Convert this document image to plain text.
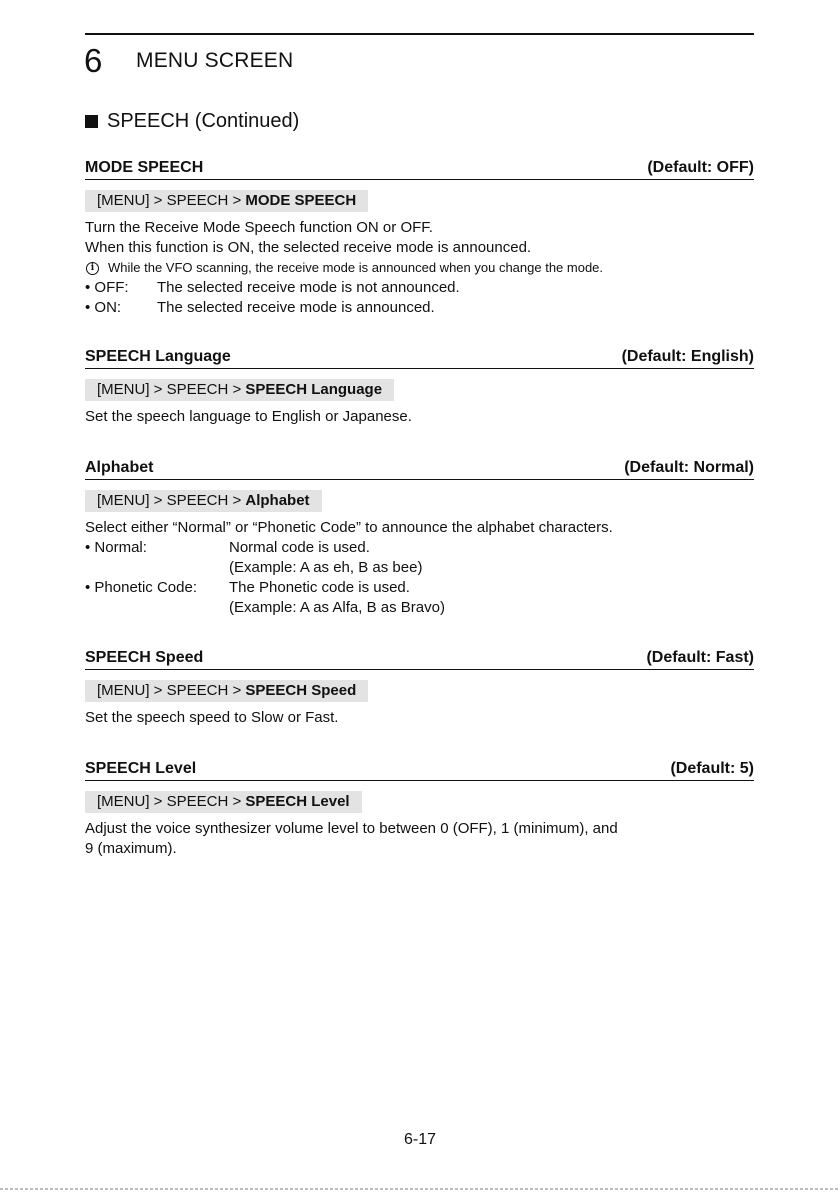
6 MENU SCREEN
SPEECH (Continued)
MODE SPEECH	(Default: OFF)
[MENU] > SPEECH > MODE SPEECH
Turn the Receive Mode Speech function ON or OFF.
When this function is ON, the selected receive mode is announced.
i	While the VFO scanning, the receive mode is announced when you change the mode.
• OFF: The selected receive mode is not announced.
• ON: The selected receive mode is announced.
SPEECH Language	(Default: English)
[MENU] > SPEECH > SPEECH Language
Set the speech language to English or Japanese.
Alphabet	(Default: Normal)
[MENU] > SPEECH > Alphabet
Select either “Normal” or “Phonetic Code” to announce the alphabet characters.
• Normal:	Normal code is used.
(Example: A as eh, B as bee)
• Phonetic Code: The Phonetic code is used.
(Example: A as Alfa, B as Bravo)
SPEECH Speed	(Default: Fast)
[MENU] > SPEECH > SPEECH Speed
Set the speech speed to Slow or Fast.
SPEECH Level	(Default: 5)
[MENU] > SPEECH > SPEECH Level
Adjust the voice synthesizer volume level to between 0 (OFF), 1 (minimum), and
9 (maximum).
6-17
